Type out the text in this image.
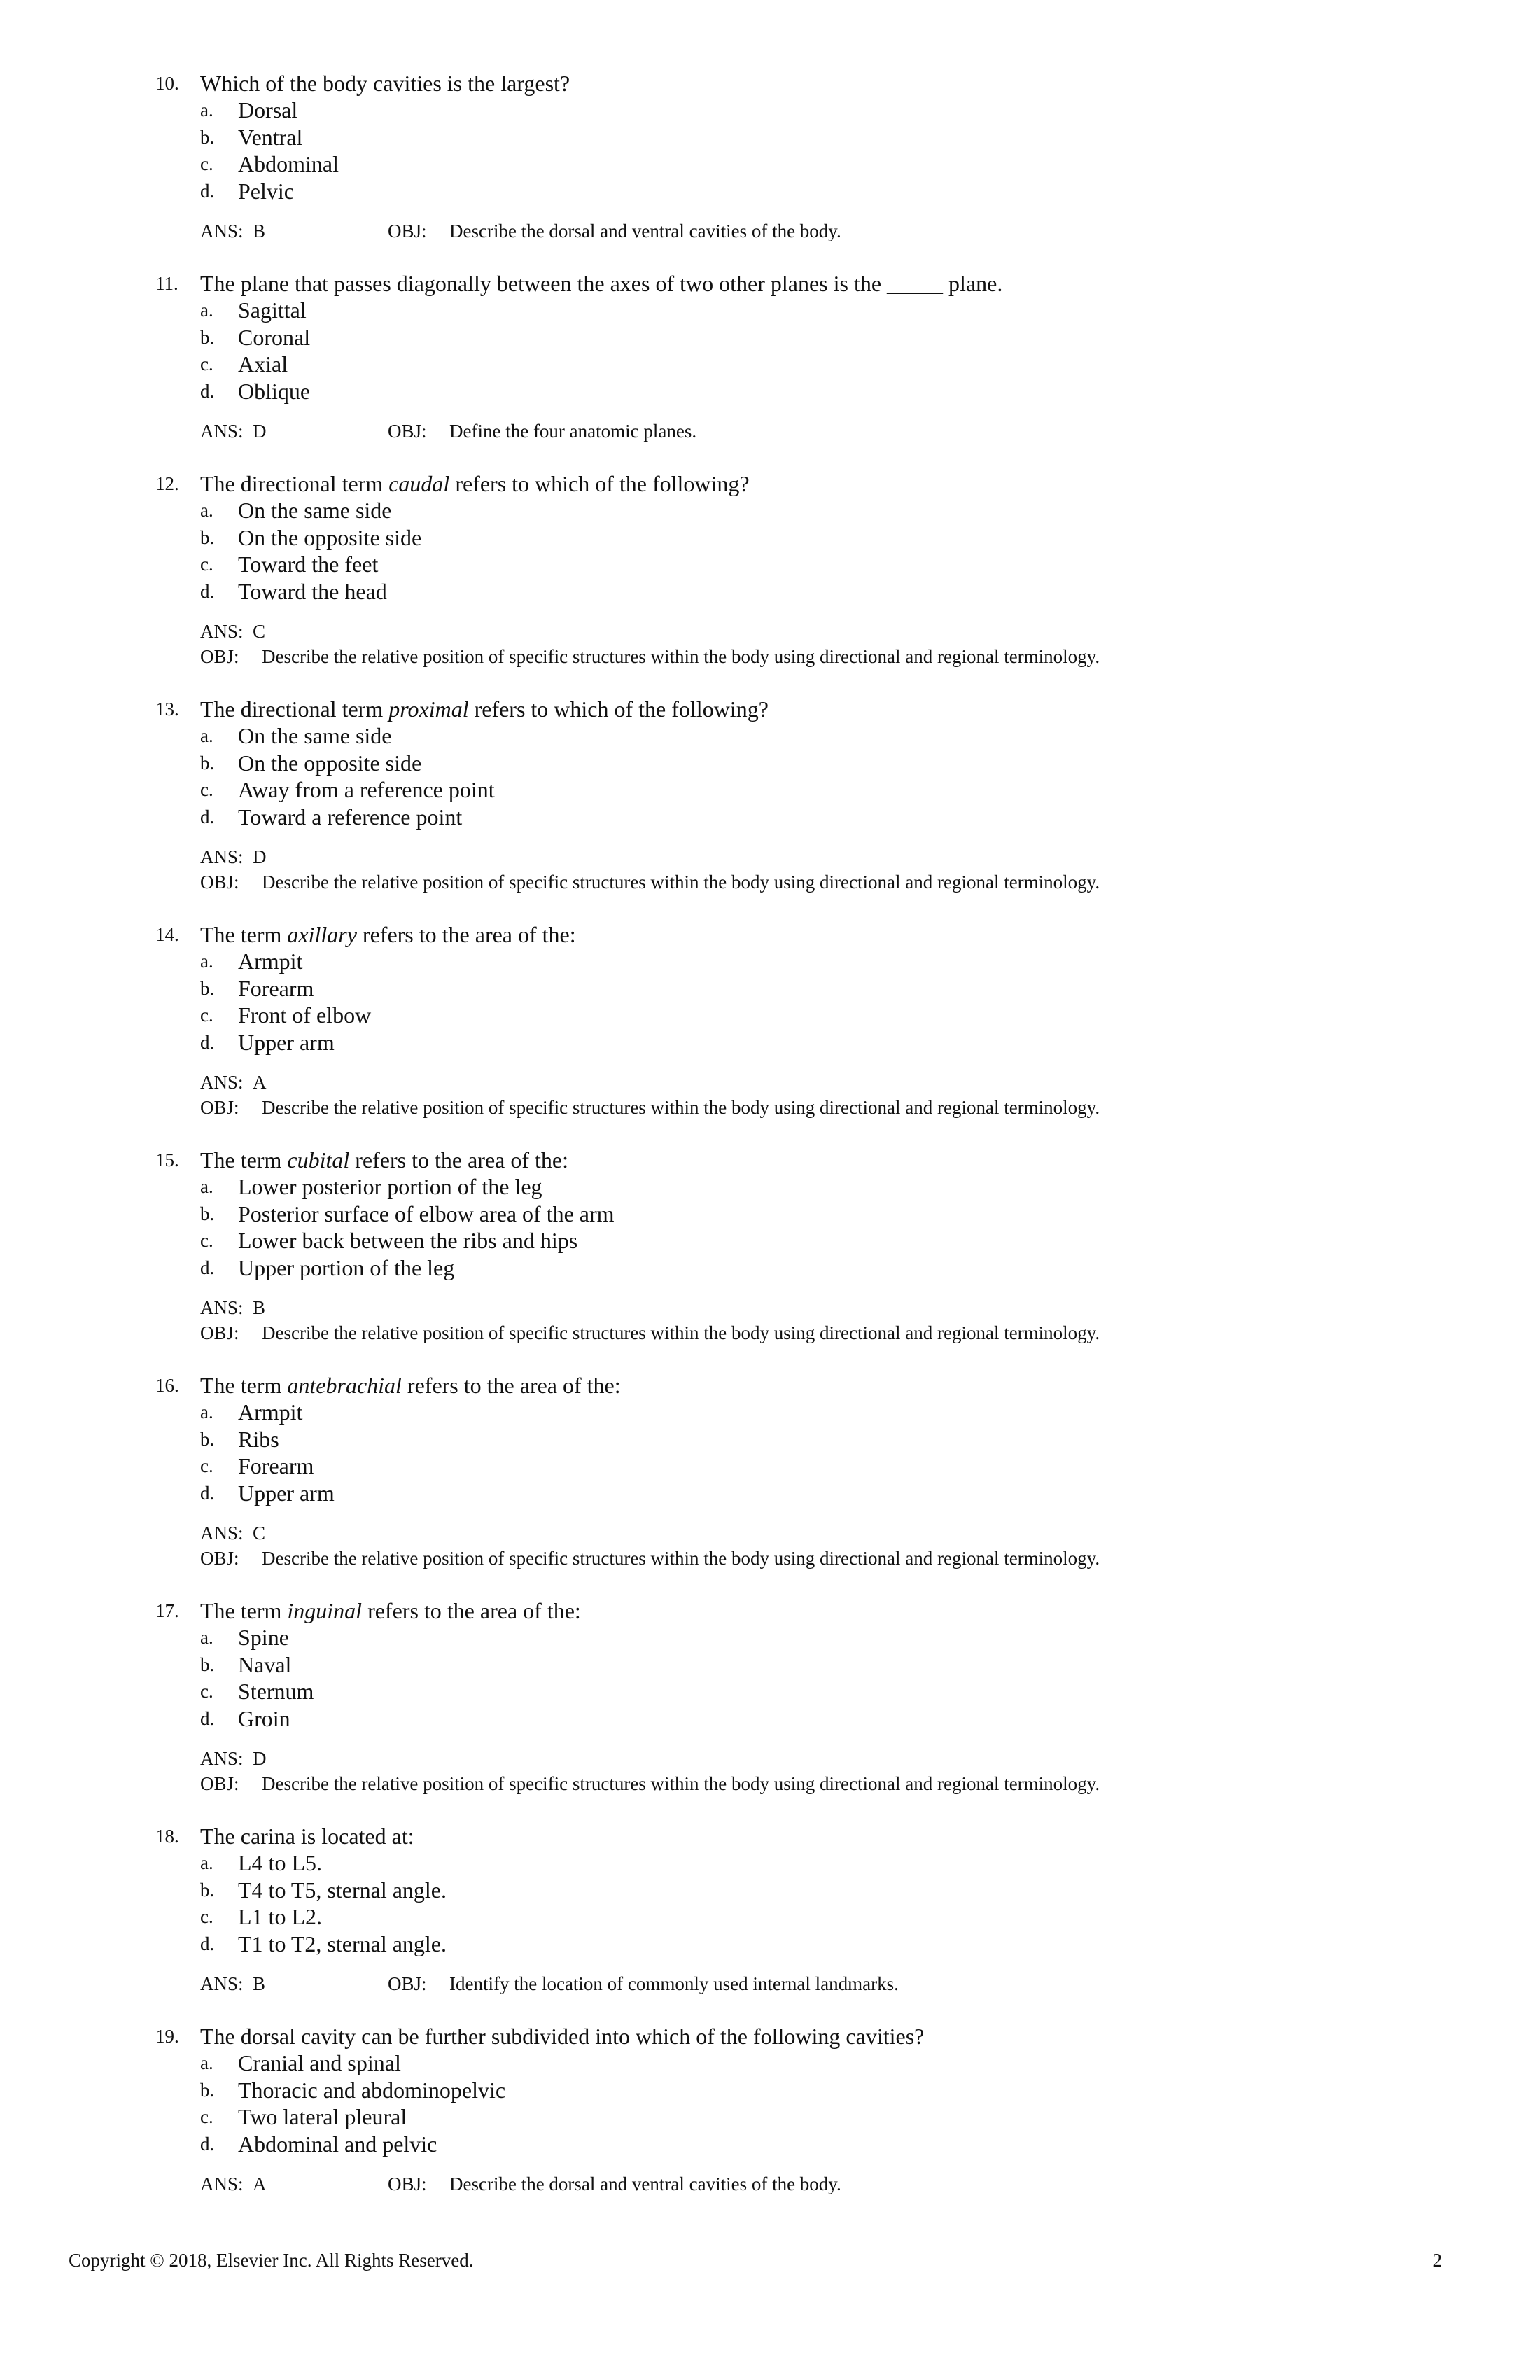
10. Which of the body cavities is the largest?
a. Dorsal
b. Ventral
c. Abdominal
d. Pelvic
ANS: B	OBJ: Describe the dorsal and ventral cavities of the body.
11. The plane that passes diagonally between the axes of two other planes is the _____ plane.
a. Sagittal
b. Coronal
c. Axial
d. Oblique
ANS: D	OBJ: Define the four anatomic planes.
12. The directional term caudal refers to which of the following?
a. On the same side
b. On the opposite side
c. Toward the feet
d. Toward the head
ANS: C
OBJ: Describe the relative position of specific structures within the body using directional and regional terminology.
13. The directional term proximal refers to which of the following?
a. On the same side
b. On the opposite side
c. Away from a reference point
d. Toward a reference point
ANS: D
OBJ: Describe the relative position of specific structures within the body using directional and regional terminology.
14. The term axillary refers to the area of the:
a. Armpit
b. Forearm
c. Front of elbow
d. Upper arm
ANS: A
OBJ: Describe the relative position of specific structures within the body using directional and regional terminology.
15. The term cubital refers to the area of the:
a. Lower posterior portion of the leg
b. Posterior surface of elbow area of the arm
c. Lower back between the ribs and hips
d. Upper portion of the leg
ANS: B
OBJ: Describe the relative position of specific structures within the body using directional and regional terminology.
16. The term antebrachial refers to the area of the:
a. Armpit
b. Ribs
c. Forearm
d. Upper arm
ANS: C
OBJ: Describe the relative position of specific structures within the body using directional and regional terminology.
17. The term inguinal refers to the area of the:
a. Spine
b. Naval
c. Sternum
d. Groin
ANS: D
OBJ: Describe the relative position of specific structures within the body using directional and regional terminology.
18. The carina is located at:
a. L4 to L5.
b. T4 to T5, sternal angle.
c. L1 to L2.
d. T1 to T2, sternal angle.
ANS: B	OBJ: Identify the location of commonly used internal landmarks.
19. The dorsal cavity can be further subdivided into which of the following cavities?
a. Cranial and spinal
b. Thoracic and abdominopelvic
c. Two lateral pleural
d. Abdominal and pelvic
ANS: A	OBJ: Describe the dorsal and ventral cavities of the body.
Copyright © 2018, Elsevier Inc. All Rights Reserved.	2
